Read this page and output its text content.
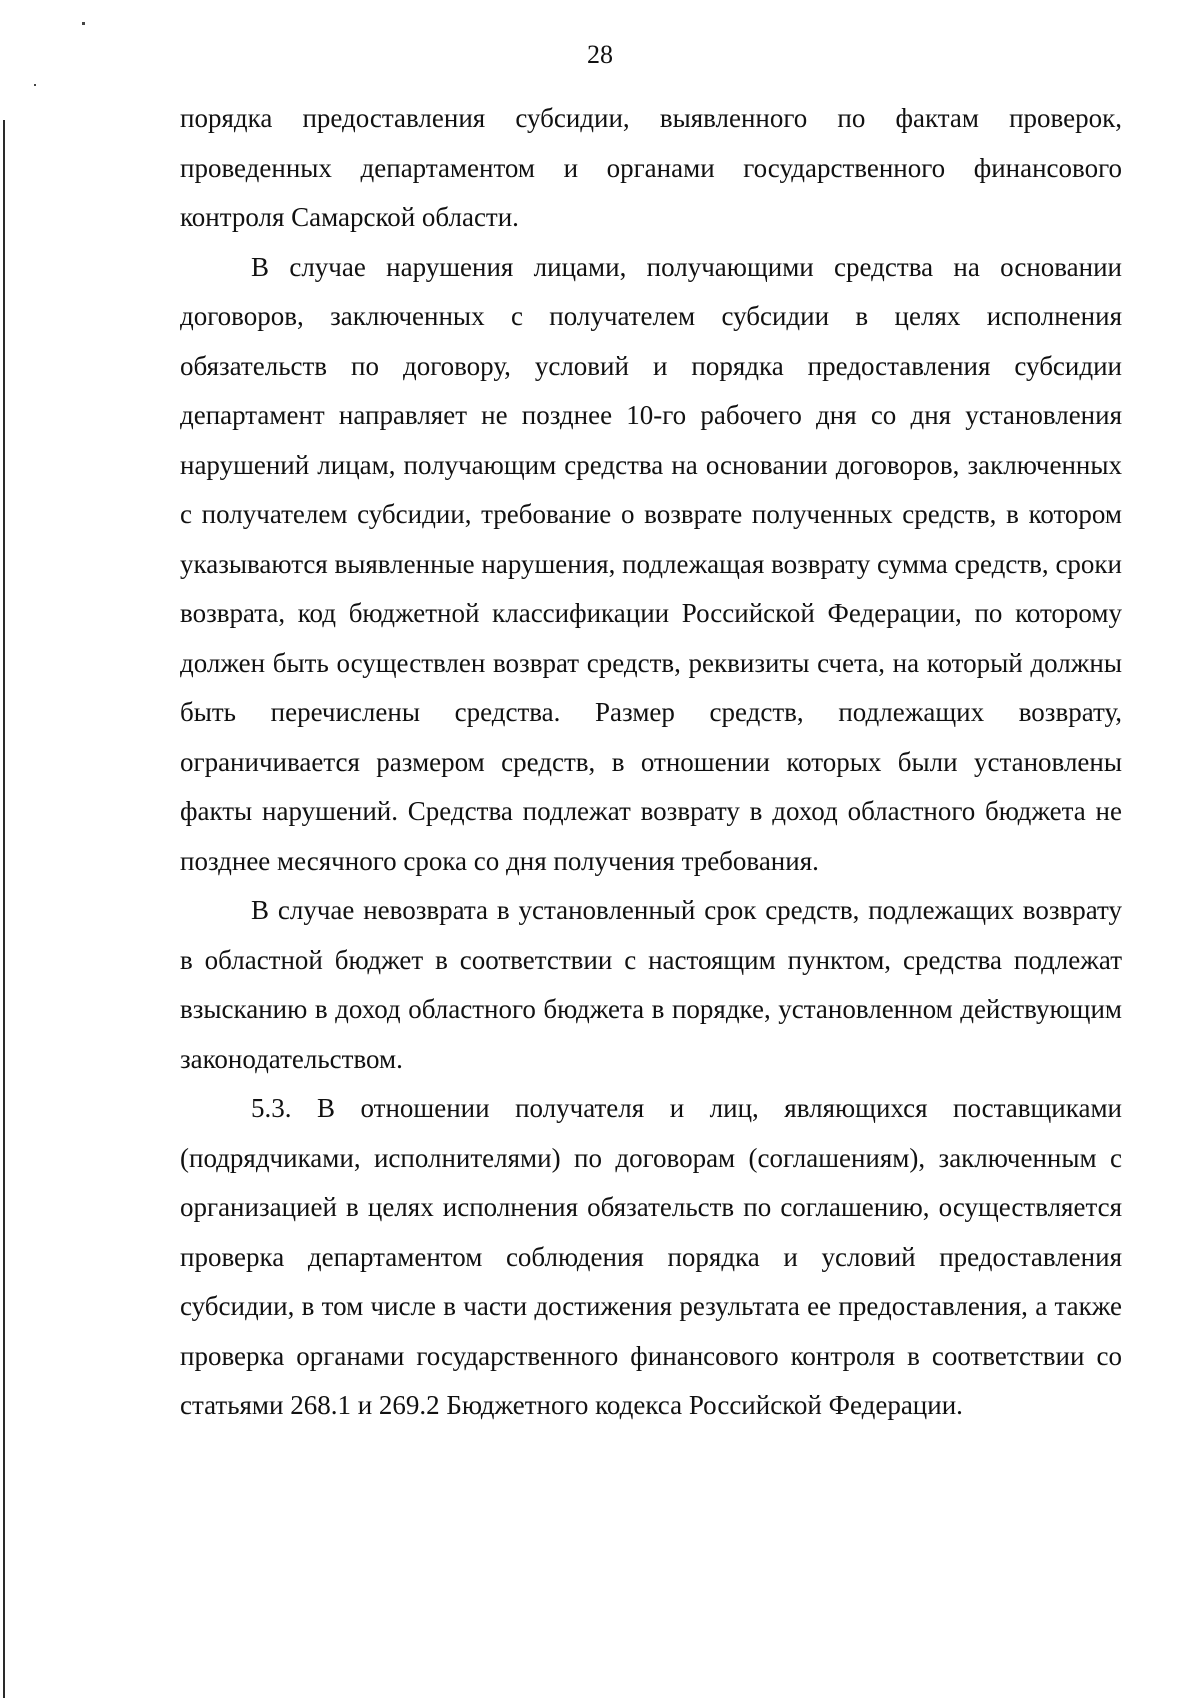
28

порядка предоставления субсидии, выявленного по фактам проверок, проведенных департаментом и органами государственного финансового контроля Самарской области.

В случае нарушения лицами, получающими средства на основании договоров, заключенных с получателем субсидии в целях исполнения обязательств по договору, условий и порядка предоставления субсидии департамент направляет не позднее 10-го рабочего дня со дня установления нарушений лицам, получающим средства на основании договоров, заключенных с получателем субсидии, требование о возврате полученных средств, в котором указываются выявленные нарушения, подлежащая возврату сумма средств, сроки возврата, код бюджетной классификации Российской Федерации, по которому должен быть осуществлен возврат средств, реквизиты счета, на который должны быть перечислены средства. Размер средств, подлежащих возврату, ограничивается размером средств, в отношении которых были установлены факты нарушений. Средства подлежат возврату в доход областного бюджета не позднее месячного срока со дня получения требования.

В случае невозврата в установленный срок средств, подлежащих возврату в областной бюджет в соответствии с настоящим пунктом, средства подлежат взысканию в доход областного бюджета в порядке, установленном действующим законодательством.

5.3. В отношении получателя и лиц, являющихся поставщиками (подрядчиками, исполнителями) по договорам (соглашениям), заключенным с организацией в целях исполнения обязательств по соглашению, осуществляется проверка департаментом соблюдения порядка и условий предоставления субсидии, в том числе в части достижения результата ее предоставления, а также проверка органами государственного финансового контроля в соответствии со статьями 268.1 и 269.2 Бюджетного кодекса Российской Федерации.
